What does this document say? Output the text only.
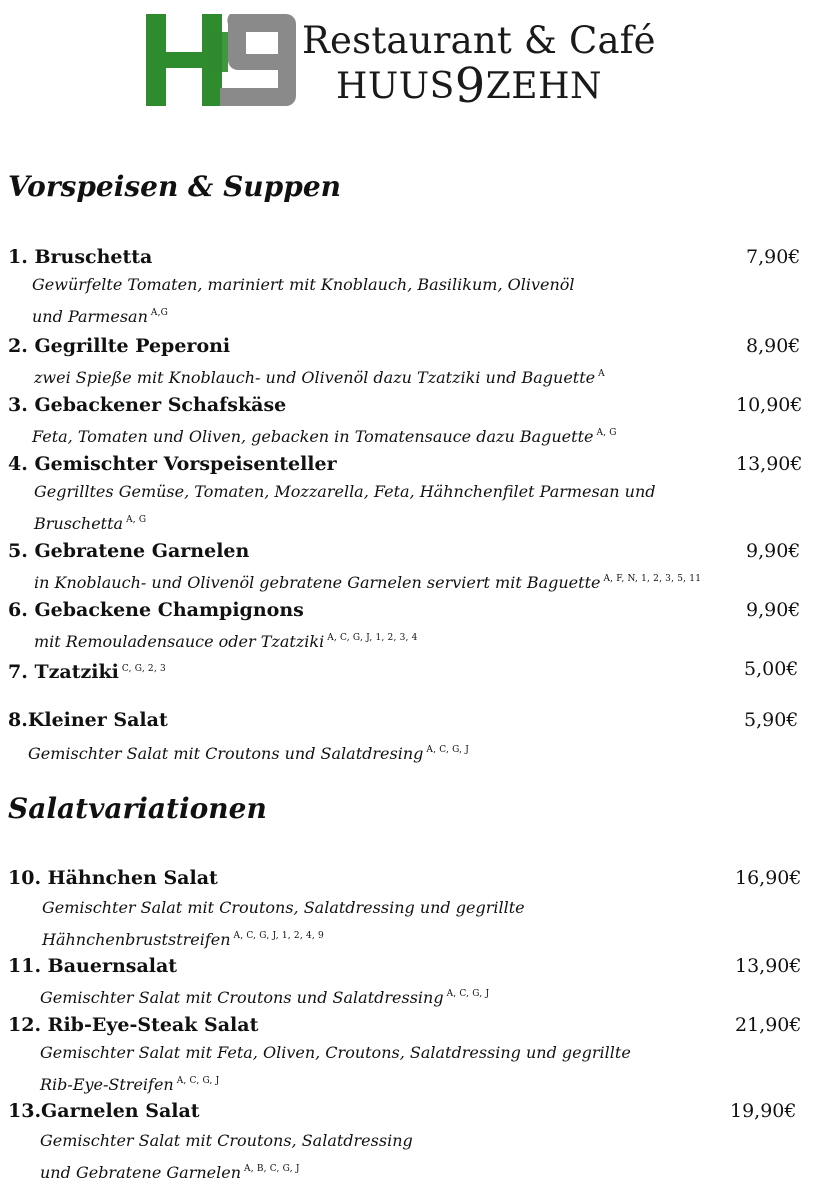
Restaurant & Café
HUUS9ZEHN
Vorspeisen & Suppen
1. Bruschetta	7,90€
Gewürfelte Tomaten, mariniert mit Knoblauch, Basilikum, Olivenöl
und Parmesan $^{A,G}$
2. Gegrillte Peperoni	8,90€
zwei Spieße mit Knoblauch- und Olivenöl dazu Tzatziki und Baguette $^A$
3. Gebackener Schafskäse	10,90€
Feta, Tomaten und Oliven, gebacken in Tomatensauce dazu Baguette $^{A, G}$
4. Gemischter Vorspeisenteller	13,90€
Gegrilltes Gemüse, Tomaten, Mozzarella, Feta, Hähnchenfilet Parmesan und
Bruschetta $^{A, G}$
5. Gebratene Garnelen	9,90€
in Knoblauch- und Olivenöl gebratene Garnelen serviert mit Baguette $^{A, F, N, 1, 2, 3, 5, 11}$
6. Gebackene Champignons	9,90€
mit Remouladensauce oder Tzatziki $^{A, C, G, J, 1, 2, 3, 4}$
7. Tzatziki $^{C, G, 2, 3}$	5,00€
8.Kleiner Salat	5,90€
Gemischter Salat mit Croutons und Salatdresing $^{A, C, G, J}$
Salatvariationen
10. Hähnchen Salat	16,90€
Gemischter Salat mit Croutons, Salatdressing und gegrillte
Hähnchenbruststreifen $^{A, C, G, J, 1, 2, 4, 9}$
11. Bauernsalat	13,90€
Gemischter Salat mit Croutons und Salatdressing $^{A, C, G, J}$
12. Rib-Eye-Steak Salat	21,90€
Gemischter Salat mit Feta, Oliven, Croutons, Salatdressing und gegrillte
Rib-Eye-Streifen $^{A, C, G, J}$
13.Garnelen Salat	19,90€
Gemischter Salat mit Croutons, Salatdressing
und Gebratene Garnelen $^{A, B, C, G, J}$
